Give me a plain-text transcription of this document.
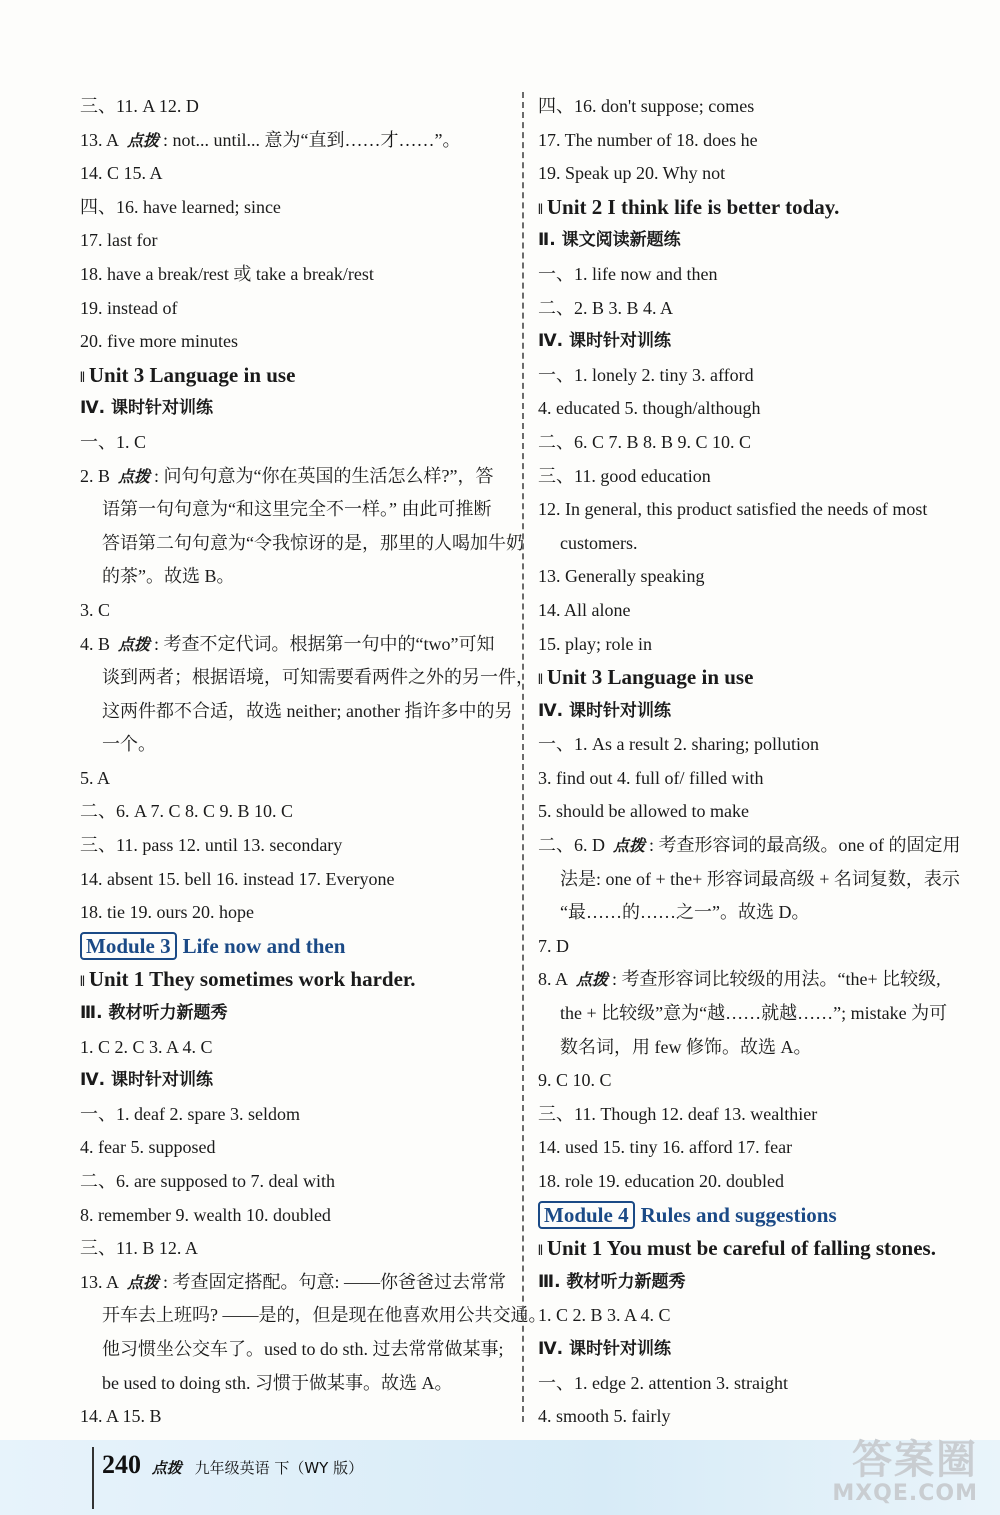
三、11. A 12. D
13. A 点拨 : not... until... 意为“直到……才……”。
14. C 15. A
四、16. have learned; since
17. last for
18. have a break/rest 或 take a break/rest
19. instead of
20. five more minutes
‖ Unit 3 Language in use
Ⅳ. 课时针对训练
一、1. C
2. B 点拨 : 问句句意为“你在英国的生活怎么样?”，答
语第一句句意为“和这里完全不一样。” 由此可推断
答语第二句句意为“令我惊讶的是，那里的人喝加牛奶
的茶”。故选 B。
3. C
4. B 点拨 : 考查不定代词。根据第一句中的“two”可知
谈到两者；根据语境，可知需要看两件之外的另一件，
这两件都不合适，故选 neither; another 指许多中的另
一个。
5. A
二、6. A 7. C 8. C 9. B 10. C
三、11. pass 12. until 13. secondary
14. absent 15. bell 16. instead 17. Everyone
18. tie 19. ours 20. hope
Module 3 Life now and then
‖ Unit 1 They sometimes work harder.
Ⅲ. 教材听力新题秀
1. C 2. C 3. A 4. C
Ⅳ. 课时针对训练
一、1. deaf 2. spare 3. seldom
4. fear 5. supposed
二、6. are supposed to 7. deal with
8. remember 9. wealth 10. doubled
三、11. B 12. A
13. A 点拨 : 考查固定搭配。句意: ——你爸爸过去常常
开车去上班吗? ——是的，但是现在他喜欢用公共交通。
他习惯坐公交车了。used to do sth. 过去常常做某事;
be used to doing sth. 习惯于做某事。故选 A。
14. A 15. B
四、16. don't suppose; comes
17. The number of 18. does he
19. Speak up 20. Why not
‖ Unit 2 I think life is better today.
Ⅱ. 课文阅读新题练
一、1. life now and then
二、2. B 3. B 4. A
Ⅳ. 课时针对训练
一、1. lonely 2. tiny 3. afford
4. educated 5. though/although
二、6. C 7. B 8. B 9. C 10. C
三、11. good education
12. In general, this product satisfied the needs of most
customers.
13. Generally speaking
14. All alone
15. play; role in
‖ Unit 3 Language in use
Ⅳ. 课时针对训练
一、1. As a result 2. sharing; pollution
3. find out 4. full of/ filled with
5. should be allowed to make
二、6. D 点拨 : 考查形容词的最高级。one of 的固定用
法是: one of + the+ 形容词最高级 + 名词复数，表示
“最……的……之一”。故选 D。
7. D
8. A 点拨 : 考查形容词比较级的用法。“the+ 比较级,
the + 比较级”意为“越……就越……”; mistake 为可
数名词，用 few 修饰。故选 A。
9. C 10. C
三、11. Though 12. deaf 13. wealthier
14. used 15. tiny 16. afford 17. fear
18. role 19. education 20. doubled
Module 4 Rules and suggestions
‖ Unit 1 You must be careful of falling stones.
Ⅲ. 教材听力新题秀
1. C 2. B 3. A 4. C
Ⅳ. 课时针对训练
一、1. edge 2. attention 3. straight
4. smooth 5. fairly
240 点拨 九年级英语 下（WY 版）	答案圈
MXQE.COM
